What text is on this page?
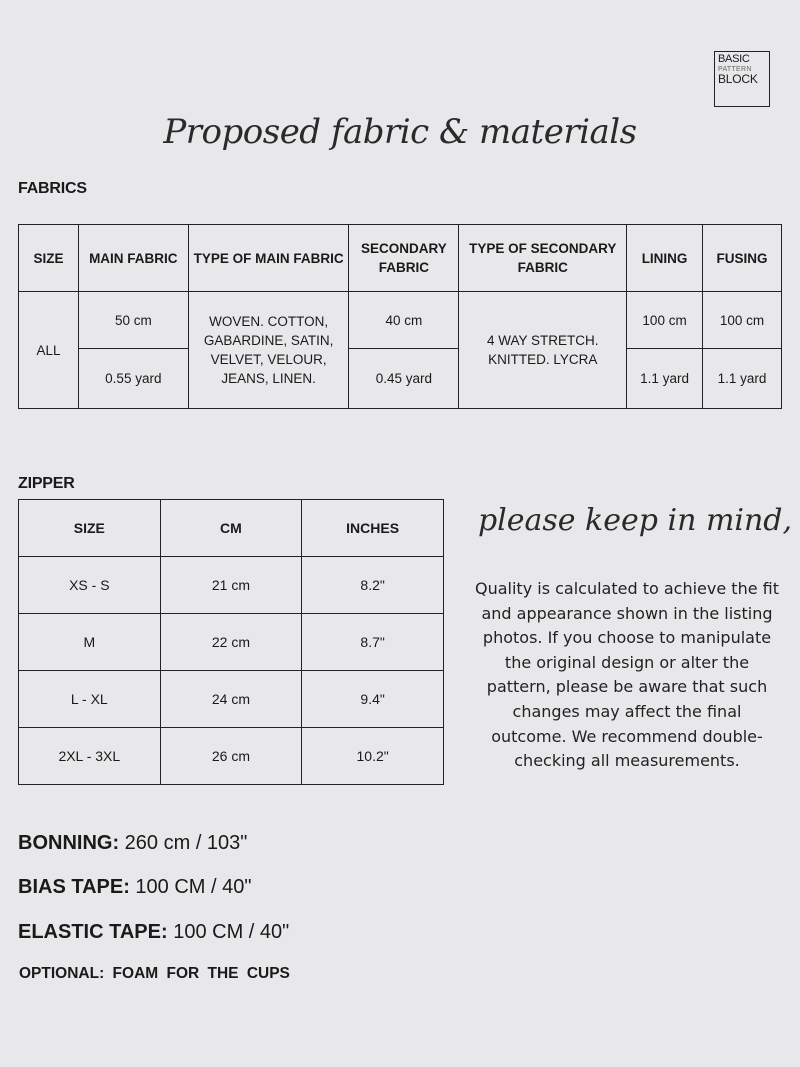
BASIC
PATTERN
BLOCK
Proposed fabric & materials
FABRICS
SIZE	MAIN FABRIC	TYPE OF MAIN FABRIC	SECONDARY FABRIC	TYPE OF SECONDARY FABRIC	LINING	FUSING
ALL	50 cm	WOVEN. COTTON, GABARDINE, SATIN, VELVET, VELOUR, JEANS, LINEN.	40 cm	4 WAY STRETCH. KNITTED. LYCRA	100 cm	100 cm
	0.55 yard		0.45 yard		1.1 yard	1.1 yard
ZIPPER
SIZE	CM	INCHES
XS - S	21 cm	8.2"
M	22 cm	8.7"
L - XL	24 cm	9.4"
2XL - 3XL	26 cm	10.2"
please keep in mind,
Quality is calculated to achieve the fit and appearance shown in the listing photos. If you choose to manipulate the original design or alter the pattern, please be aware that such changes may affect the final outcome. We recommend double-checking all measurements.
BONNING: 260 cm / 103"
BIAS TAPE: 100 CM / 40"
ELASTIC TAPE: 100 CM / 40"
OPTIONAL: FOAM FOR THE CUPS
